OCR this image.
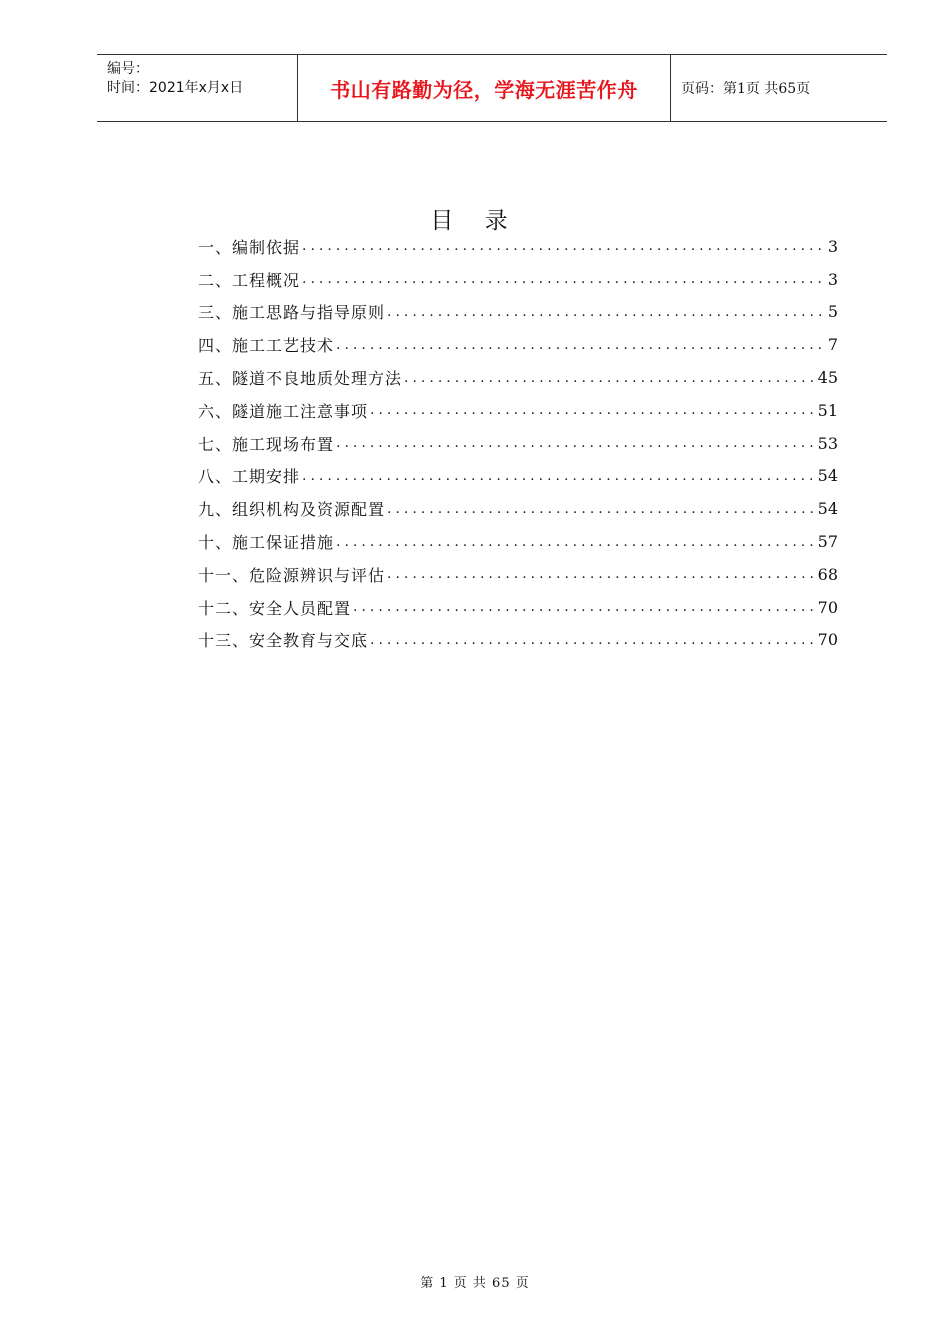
编号：
时间：2021年x月x日	书山有路勤为径，学海无涯苦作舟	页码：第1页 共65页
目 录
一、编制依据 .....	3
二、工程概况 .....	3
三、施工思路与指导原则 .....	5
四、施工工艺技术 .....	7
五、隧道不良地质处理方法 .....	45
六、隧道施工注意事项 .....	51
七、施工现场布置 .....	53
八、工期安排 .....	54
九、组织机构及资源配置 .....	54
十、施工保证措施 .....	57
十一、危险源辨识与评估 .....	68
十二、安全人员配置 .....	70
十三、安全教育与交底 .....	70
第 1 页 共 65 页
